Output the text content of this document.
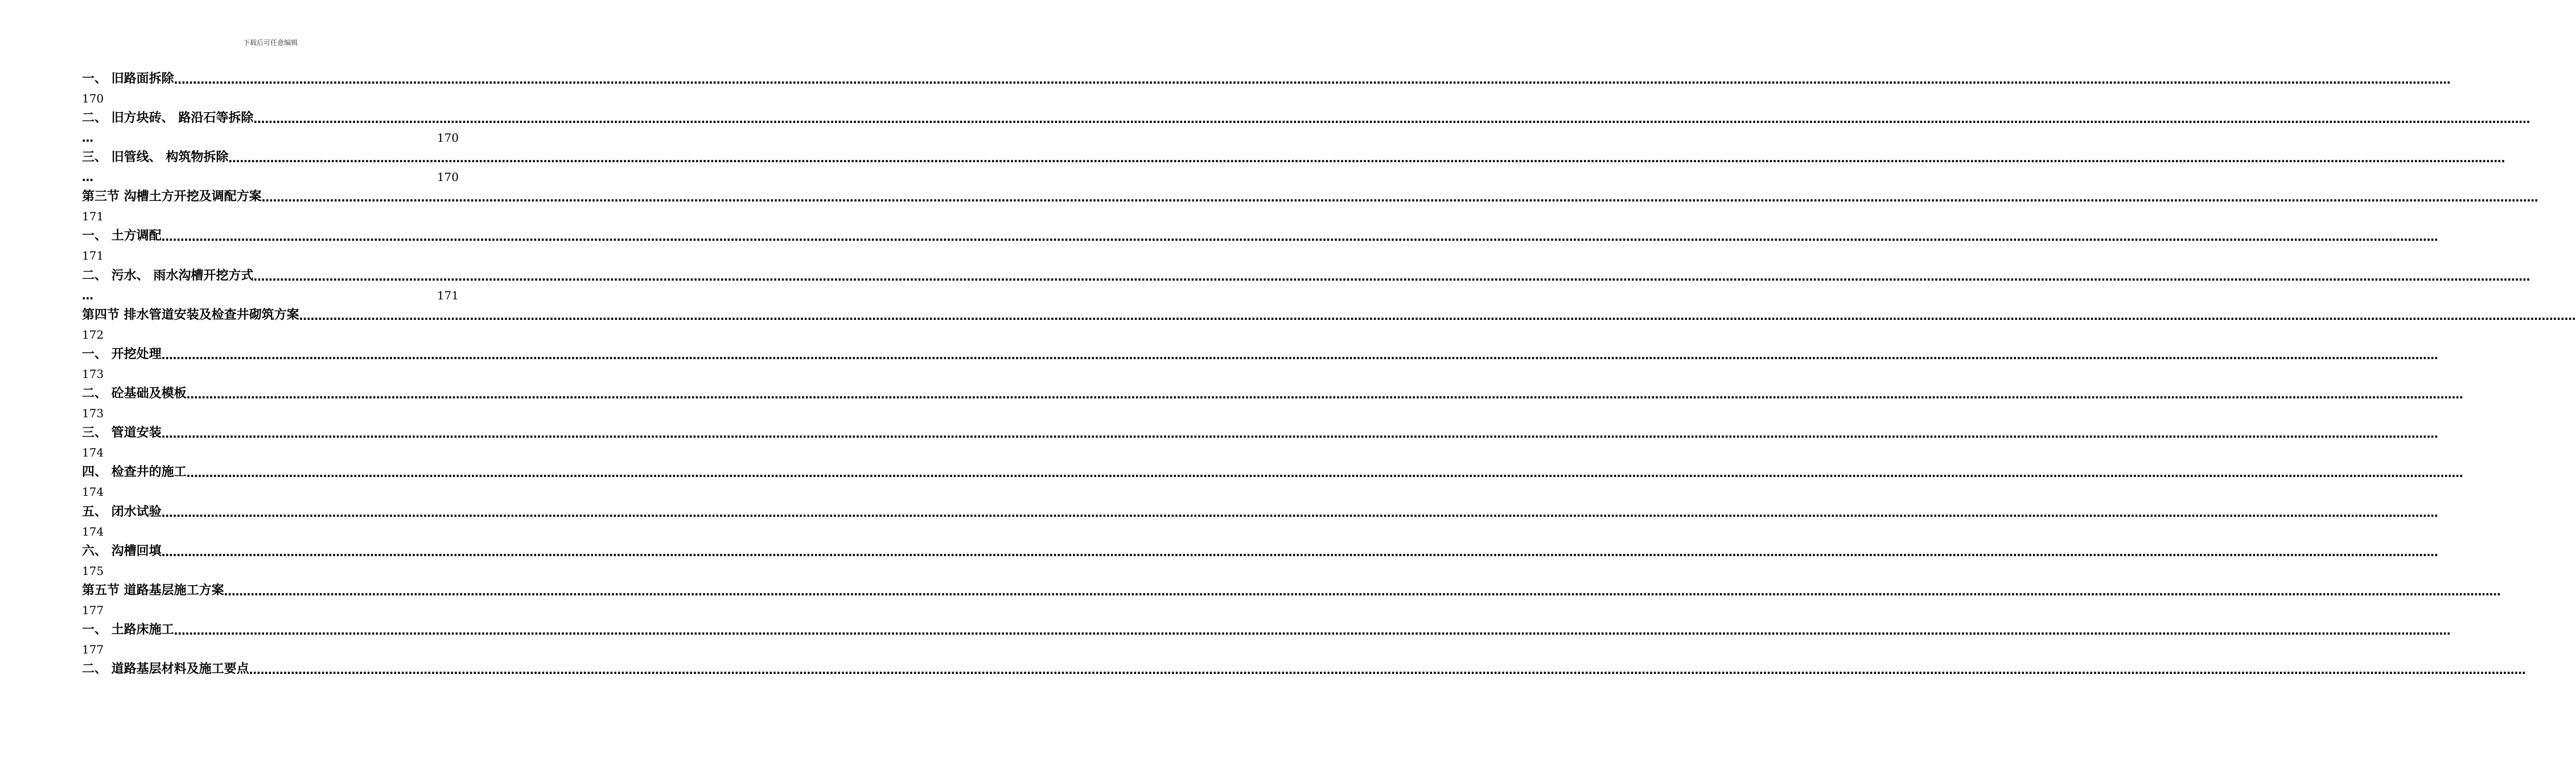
下载后可任意编辑
一、 旧路面拆除 ……………………………………………………………………………………………………………………………………………………………………………………………………………………………………………………………………………………………………………………………………………………………………………………………………………………………………………………………………………………………………………………………………………………
170
二、 旧方块砖、 路沿石等拆除 ……………………………………………………………………………………………………………………………………………………………………………………………………………………………………………………………………………………………………………………………………………………………………………………………………………………………………………………………………………………………………………………………………………………
…	170
三、 旧管线、 构筑物拆除 ……………………………………………………………………………………………………………………………………………………………………………………………………………………………………………………………………………………………………………………………………………………………………………………………………………………………………………………………………………………………………………………………………………………
…	170
第三节 沟槽土方开挖及调配方案 ……………………………………………………………………………………………………………………………………………………………………………………………………………………………………………………………………………………………………………………………………………………………………………………………………………………………………………………………………………………………………………………………………………………
171
一、 土方调配 ……………………………………………………………………………………………………………………………………………………………………………………………………………………………………………………………………………………………………………………………………………………………………………………………………………………………………………………………………………………………………………………………………………………
171
二、 污水、 雨水沟槽开挖方式 ……………………………………………………………………………………………………………………………………………………………………………………………………………………………………………………………………………………………………………………………………………………………………………………………………………………………………………………………………………………………………………………………………………………
…	171
第四节 排水管道安装及检查井砌筑方案 ……………………………………………………………………………………………………………………………………………………………………………………………………………………………………………………………………………………………………………………………………………………………………………………………………………………………………………………………………………………………………………………………………………………
172
一、 开挖处理 ……………………………………………………………………………………………………………………………………………………………………………………………………………………………………………………………………………………………………………………………………………………………………………………………………………………………………………………………………………………………………………………………………………………
173
二、 砼基础及模板 ……………………………………………………………………………………………………………………………………………………………………………………………………………………………………………………………………………………………………………………………………………………………………………………………………………………………………………………………………………………………………………………………………………………
173
三、 管道安装 ……………………………………………………………………………………………………………………………………………………………………………………………………………………………………………………………………………………………………………………………………………………………………………………………………………………………………………………………………………………………………………………………………………………
174
四、 检查井的施工 ……………………………………………………………………………………………………………………………………………………………………………………………………………………………………………………………………………………………………………………………………………………………………………………………………………………………………………………………………………………………………………………………………………………
174
五、 闭水试验 ……………………………………………………………………………………………………………………………………………………………………………………………………………………………………………………………………………………………………………………………………………………………………………………………………………………………………………………………………………………………………………………………………………………
174
六、 沟槽回填 ……………………………………………………………………………………………………………………………………………………………………………………………………………………………………………………………………………………………………………………………………………………………………………………………………………………………………………………………………………………………………………………………………………………
175
第五节 道路基层施工方案 ……………………………………………………………………………………………………………………………………………………………………………………………………………………………………………………………………………………………………………………………………………………………………………………………………………………………………………………………………………………………………………………………………………………
177
一、 土路床施工 ……………………………………………………………………………………………………………………………………………………………………………………………………………………………………………………………………………………………………………………………………………………………………………………………………………………………………………………………………………………………………………………………………………………
177
二、 道路基层材料及施工要点 ……………………………………………………………………………………………………………………………………………………………………………………………………………………………………………………………………………………………………………………………………………………………………………………………………………………………………………………………………………………………………………………………………………………
